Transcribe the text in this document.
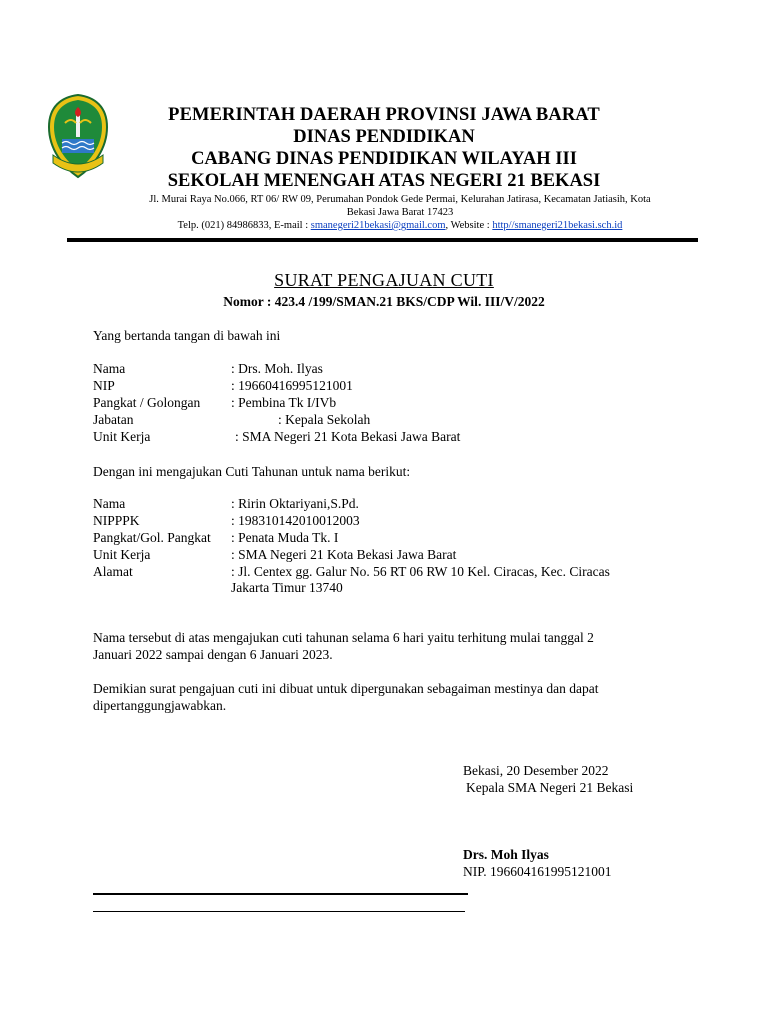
PEMERINTAH DAERAH PROVINSI JAWA BARAT
DINAS PENDIDIKAN
CABANG DINAS PENDIDIKAN WILAYAH III
SEKOLAH MENENGAH ATAS NEGERI 21 BEKASI
Jl. Murai Raya No.066, RT 06/ RW 09, Perumahan Pondok Gede Permai, Kelurahan Jatirasa, Kecamatan Jatiasih, Kota
Bekasi Jawa Barat 17423
Telp. (021) 84986833, E-mail : smanegeri21bekasi@gmail.com, Website : http//smanegeri21bekasi.sch.id
SURAT PENGAJUAN CUTI
Nomor : 423.4 /199/SMAN.21 BKS/CDP Wil. III/V/2022
Yang bertanda tangan di bawah ini
Nama	: Drs. Moh. Ilyas
NIP	: 19660416995121001
Pangkat / Golongan : Pembina Tk I/IVb
Jabatan	: Kepala Sekolah
Unit Kerja	: SMA Negeri 21 Kota Bekasi Jawa Barat
Dengan ini mengajukan Cuti Tahunan untuk nama berikut:
Nama	: Ririn Oktariyani,S.Pd.
NIPPPK	: 198310142010012003
Pangkat/Gol. Pangkat : Penata Muda Tk. I
Unit Kerja	: SMA Negeri 21 Kota Bekasi Jawa Barat
Alamat	: Jl. Centex gg. Galur No. 56 RT 06 RW 10 Kel. Ciracas, Kec. Ciracas
Jakarta Timur 13740
Nama tersebut di atas mengajukan cuti tahunan selama 6 hari yaitu terhitung mulai tanggal 2
Januari 2022 sampai dengan 6 Januari 2023.
Demikian surat pengajuan cuti ini dibuat untuk dipergunakan sebagaiman mestinya dan dapat
dipertanggungjawabkan.
Bekasi, 20 Desember 2022
Kepala SMA Negeri 21 Bekasi
Drs. Moh Ilyas
NIP. 196604161995121001
